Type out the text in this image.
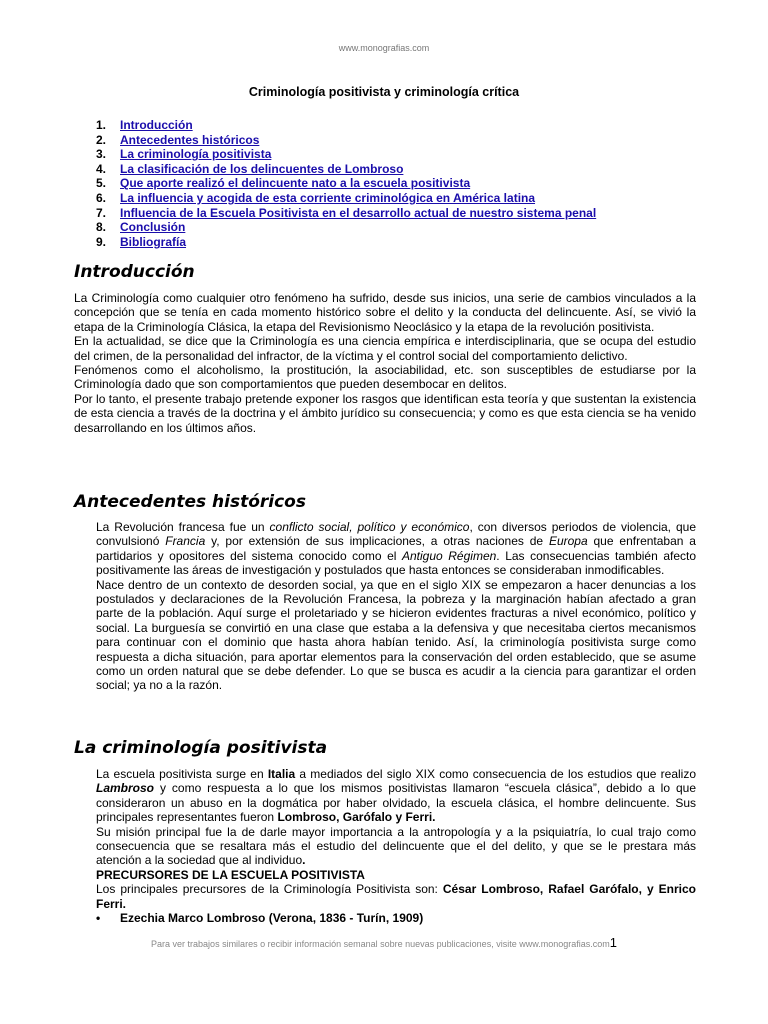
www.monografias.com
Criminología positivista y criminología crítica
1.	Introducción
2.	Antecedentes históricos
3.	La criminología positivista
4.	La clasificación de los delincuentes de Lombroso
5.	Que aporte realizó el delincuente nato a la escuela positivista
6.	La influencia y acogida de esta corriente criminológica en América latina
7.	Influencia de la Escuela Positivista en el desarrollo actual de nuestro sistema penal
8.	Conclusión
9.	Bibliografía
Introducción

La Criminología como cualquier otro fenómeno ha sufrido, desde sus inicios, una serie de cambios vinculados a la concepción que se tenía en cada momento histórico sobre el delito y la conducta del delincuente. Así, se vivió la etapa de la Criminología Clásica, la etapa del Revisionismo Neoclásico y la etapa de la revolución positivista.

En la actualidad, se dice que la Criminología es una ciencia empírica e interdisciplinaria, que se ocupa del estudio del crimen, de la personalidad del infractor, de la víctima y el control social del comportamiento delictivo.

Fenómenos como el alcoholismo, la prostitución, la asociabilidad, etc. son susceptibles de estudiarse por la Criminología dado que son comportamientos que pueden desembocar en delitos.

Por lo tanto, el presente trabajo pretende exponer los rasgos que identifican esta teoría y que sustentan la existencia de esta ciencia a través de la doctrina y el ámbito jurídico su consecuencia; y como es que esta ciencia se ha venido desarrollando en los últimos años.

Antecedentes históricos

La Revolución francesa fue un conflicto social, político y económico, con diversos periodos de violencia, que convulsionó Francia y, por extensión de sus implicaciones, a otras naciones de Europa que enfrentaban a partidarios y opositores del sistema conocido como el Antiguo Régimen. Las consecuencias también afecto positivamente las áreas de investigación y postulados que hasta entonces se consideraban inmodificables.

Nace dentro de un contexto de desorden social, ya que en el siglo XIX se empezaron a hacer denuncias a los postulados y declaraciones de la Revolución Francesa, la pobreza y la marginación habían afectado a gran parte de la población. Aquí surge el proletariado y se hicieron evidentes fracturas a nivel económico, político y social. La burguesía se convirtió en una clase que estaba a la defensiva y que necesitaba ciertos mecanismos para continuar con el dominio que hasta ahora habían tenido. Así, la criminología positivista surge como respuesta a dicha situación, para aportar elementos para la conservación del orden establecido, que se asume como un orden natural que se debe defender. Lo que se busca es acudir a la ciencia para garantizar el orden social; ya no a la razón.

La criminología positivista

La escuela positivista surge en Italia a mediados del siglo XIX como consecuencia de los estudios que realizo Lambroso y como respuesta a lo que los mismos positivistas llamaron “escuela clásica”, debido a lo que consideraron un abuso en la dogmática por haber olvidado, la escuela clásica, el hombre delincuente. Sus principales representantes fueron Lombroso, Garófalo y Ferri.

Su misión principal fue la de darle mayor importancia a la antropología y a la psiquiatría, lo cual trajo como consecuencia que se resaltara más el estudio del delincuente que el del delito, y que se le prestara más atención a la sociedad que al individuo.

PRECURSORES DE LA ESCUELA POSITIVISTA

Los principales precursores de la Criminología Positivista son: César Lombroso, Rafael Garófalo, y Enrico Ferri.

•	Ezechia Marco Lombroso (Verona, 1836 - Turín, 1909)
Para ver trabajos similares o recibir información semanal sobre nuevas publicaciones, visite www.monografias.com1
